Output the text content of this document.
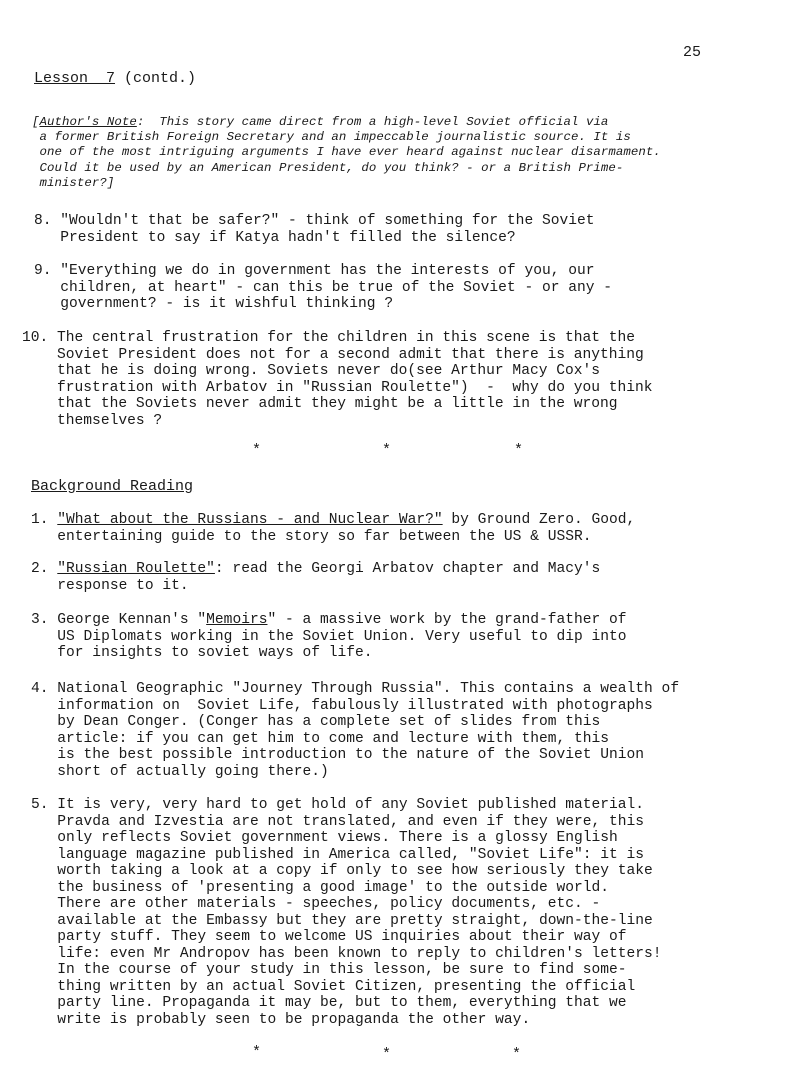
25
Lesson  7 (contd.)
[Author's Note:  This story came direct from a high-level Soviet official via
a former British Foreign Secretary and an impeccable journalistic source. It is
one of the most intriguing arguments I have ever heard against nuclear disarmament.
Could it be used by an American President, do you think? - or a British Prime-
minister?]
8. "Wouldn't that be safer?" - think of something for the Soviet
President to say if Katya hadn't filled the silence?
9. "Everything we do in government has the interests of you, our
children, at heart" - can this be true of the Soviet - or any -
government? - is it wishful thinking ?
10. The central frustration for the children in this scene is that the
Soviet President does not for a second admit that there is anything
that he is doing wrong. Soviets never do(see Arthur Macy Cox's
frustration with Arbatov in "Russian Roulette")  -  why do you think
that the Soviets never admit they might be a little in the wrong
themselves ?
*	*	*
Background Reading
1. "What about the Russians - and Nuclear War?" by Ground Zero. Good,
entertaining guide to the story so far between the US & USSR.
2. "Russian Roulette": read the Georgi Arbatov chapter and Macy's
response to it.
3. George Kennan's "Memoirs" - a massive work by the grand-father of
US Diplomats working in the Soviet Union. Very useful to dip into
for insights to soviet ways of life.
4. National Geographic "Journey Through Russia". This contains a wealth of
information on  Soviet Life, fabulously illustrated with photographs
by Dean Conger. (Conger has a complete set of slides from this
article: if you can get him to come and lecture with them, this
is the best possible introduction to the nature of the Soviet Union
short of actually going there.)
5. It is very, very hard to get hold of any Soviet published material.
Pravda and Izvestia are not translated, and even if they were, this
only reflects Soviet government views. There is a glossy English
language magazine published in America called, "Soviet Life": it is
worth taking a look at a copy if only to see how seriously they take
the business of 'presenting a good image' to the outside world.
There are other materials - speeches, policy documents, etc. -
available at the Embassy but they are pretty straight, down-the-line
party stuff. They seem to welcome US inquiries about their way of
life: even Mr Andropov has been known to reply to children's letters!
In the course of your study in this lesson, be sure to find some-
thing written by an actual Soviet Citizen, presenting the official
party line. Propaganda it may be, but to them, everything that we
write is probably seen to be propaganda the other way.
*	*	*
